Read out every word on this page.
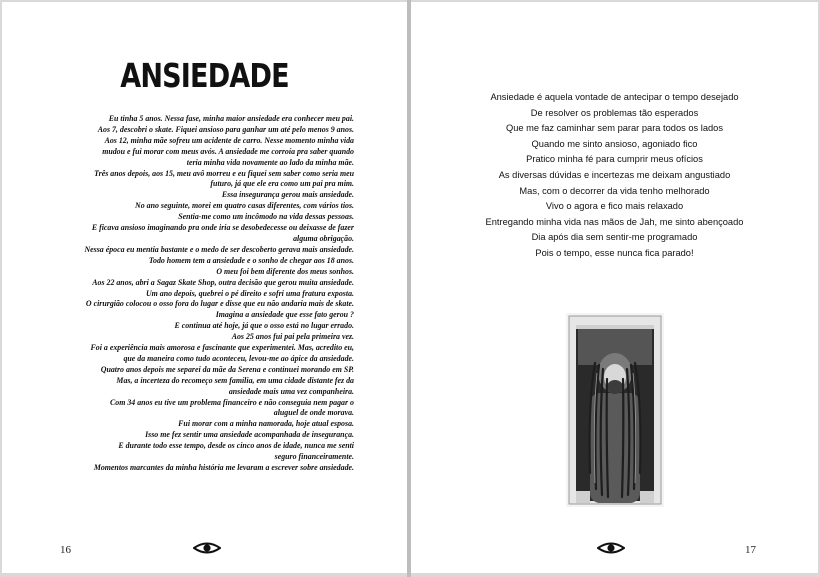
ANSIEDADE
Eu tinha 5 anos. Nessa fase, minha maior ansiedade era conhecer meu pai.
Aos 7, descobri o skate. Fiquei ansioso para ganhar um até pelo menos 9 anos.
Aos 12, minha mãe sofreu um acidente de carro. Nesse momento minha vida
mudou e fui morar com meus avós. A ansiedade me corroía pra saber quando
teria minha vida novamente ao lado da minha mãe.
Três anos depois, aos 15, meu avô morreu e eu fiquei sem saber como seria meu
futuro, já que ele era como um pai pra mim.
Essa insegurança gerou mais ansiedade.
No ano seguinte, morei em quatro casas diferentes, com vários tios.
Sentia-me como um incômodo na vida dessas pessoas.
E ficava ansioso imaginando pra onde iria se desobedecesse ou deixasse de fazer
alguma obrigação.
Nessa época eu mentia bastante e o medo de ser descoberto gerava mais ansiedade.
Todo homem tem a ansiedade e o sonho de chegar aos 18 anos.
O meu foi bem diferente dos meus sonhos.
Aos 22 anos, abri a Sagaz Skate Shop, outra decisão que gerou muita ansiedade.
Um ano depois, quebrei o pé direito e sofri uma fratura exposta.
O cirurgião colocou o osso fora do lugar e disse que eu não andaria mais de skate.
Imagina a ansiedade que esse fato gerou ?
E continua até hoje, já que o osso está no lugar errado.
Aos 25 anos fui pai pela primeira vez.
Foi a experiência mais amorosa e fascinante que experimentei. Mas, acredito eu,
que da maneira como tudo aconteceu, levou-me ao ápice da ansiedade.
Quatro anos depois me separei da mãe da Serena e continuei morando em SP.
Mas, a incerteza do recomeço sem família, em uma cidade distante fez da
ansiedade mais uma vez companheira.
Com 34 anos eu tive um problema financeiro e não conseguia nem pagar o
aluguel de onde morava.
Fui morar com a minha namorada, hoje atual esposa.
Isso me fez sentir uma ansiedade acompanhada de insegurança.
E durante todo esse tempo, desde os cinco anos de idade, nunca me senti
seguro financeiramente.
Momentos marcantes da minha história me levaram a escrever sobre ansiedade.
16
Ansiedade é aquela vontade de antecipar o tempo desejado
De resolver os problemas tão esperados
Que me faz caminhar sem parar para todos os lados
Quando me sinto ansioso, agoniado fico
Pratico minha fé para cumprir meus ofícios
As diversas dúvidas e incertezas me deixam angustiado
Mas, com o decorrer da vida tenho melhorado
Vivo o agora e fico mais relaxado
Entregando minha vida nas mãos de Jah, me sinto abençoado
Dia após dia sem sentir-me programado
Pois o tempo, esse nunca fica parado!
17
